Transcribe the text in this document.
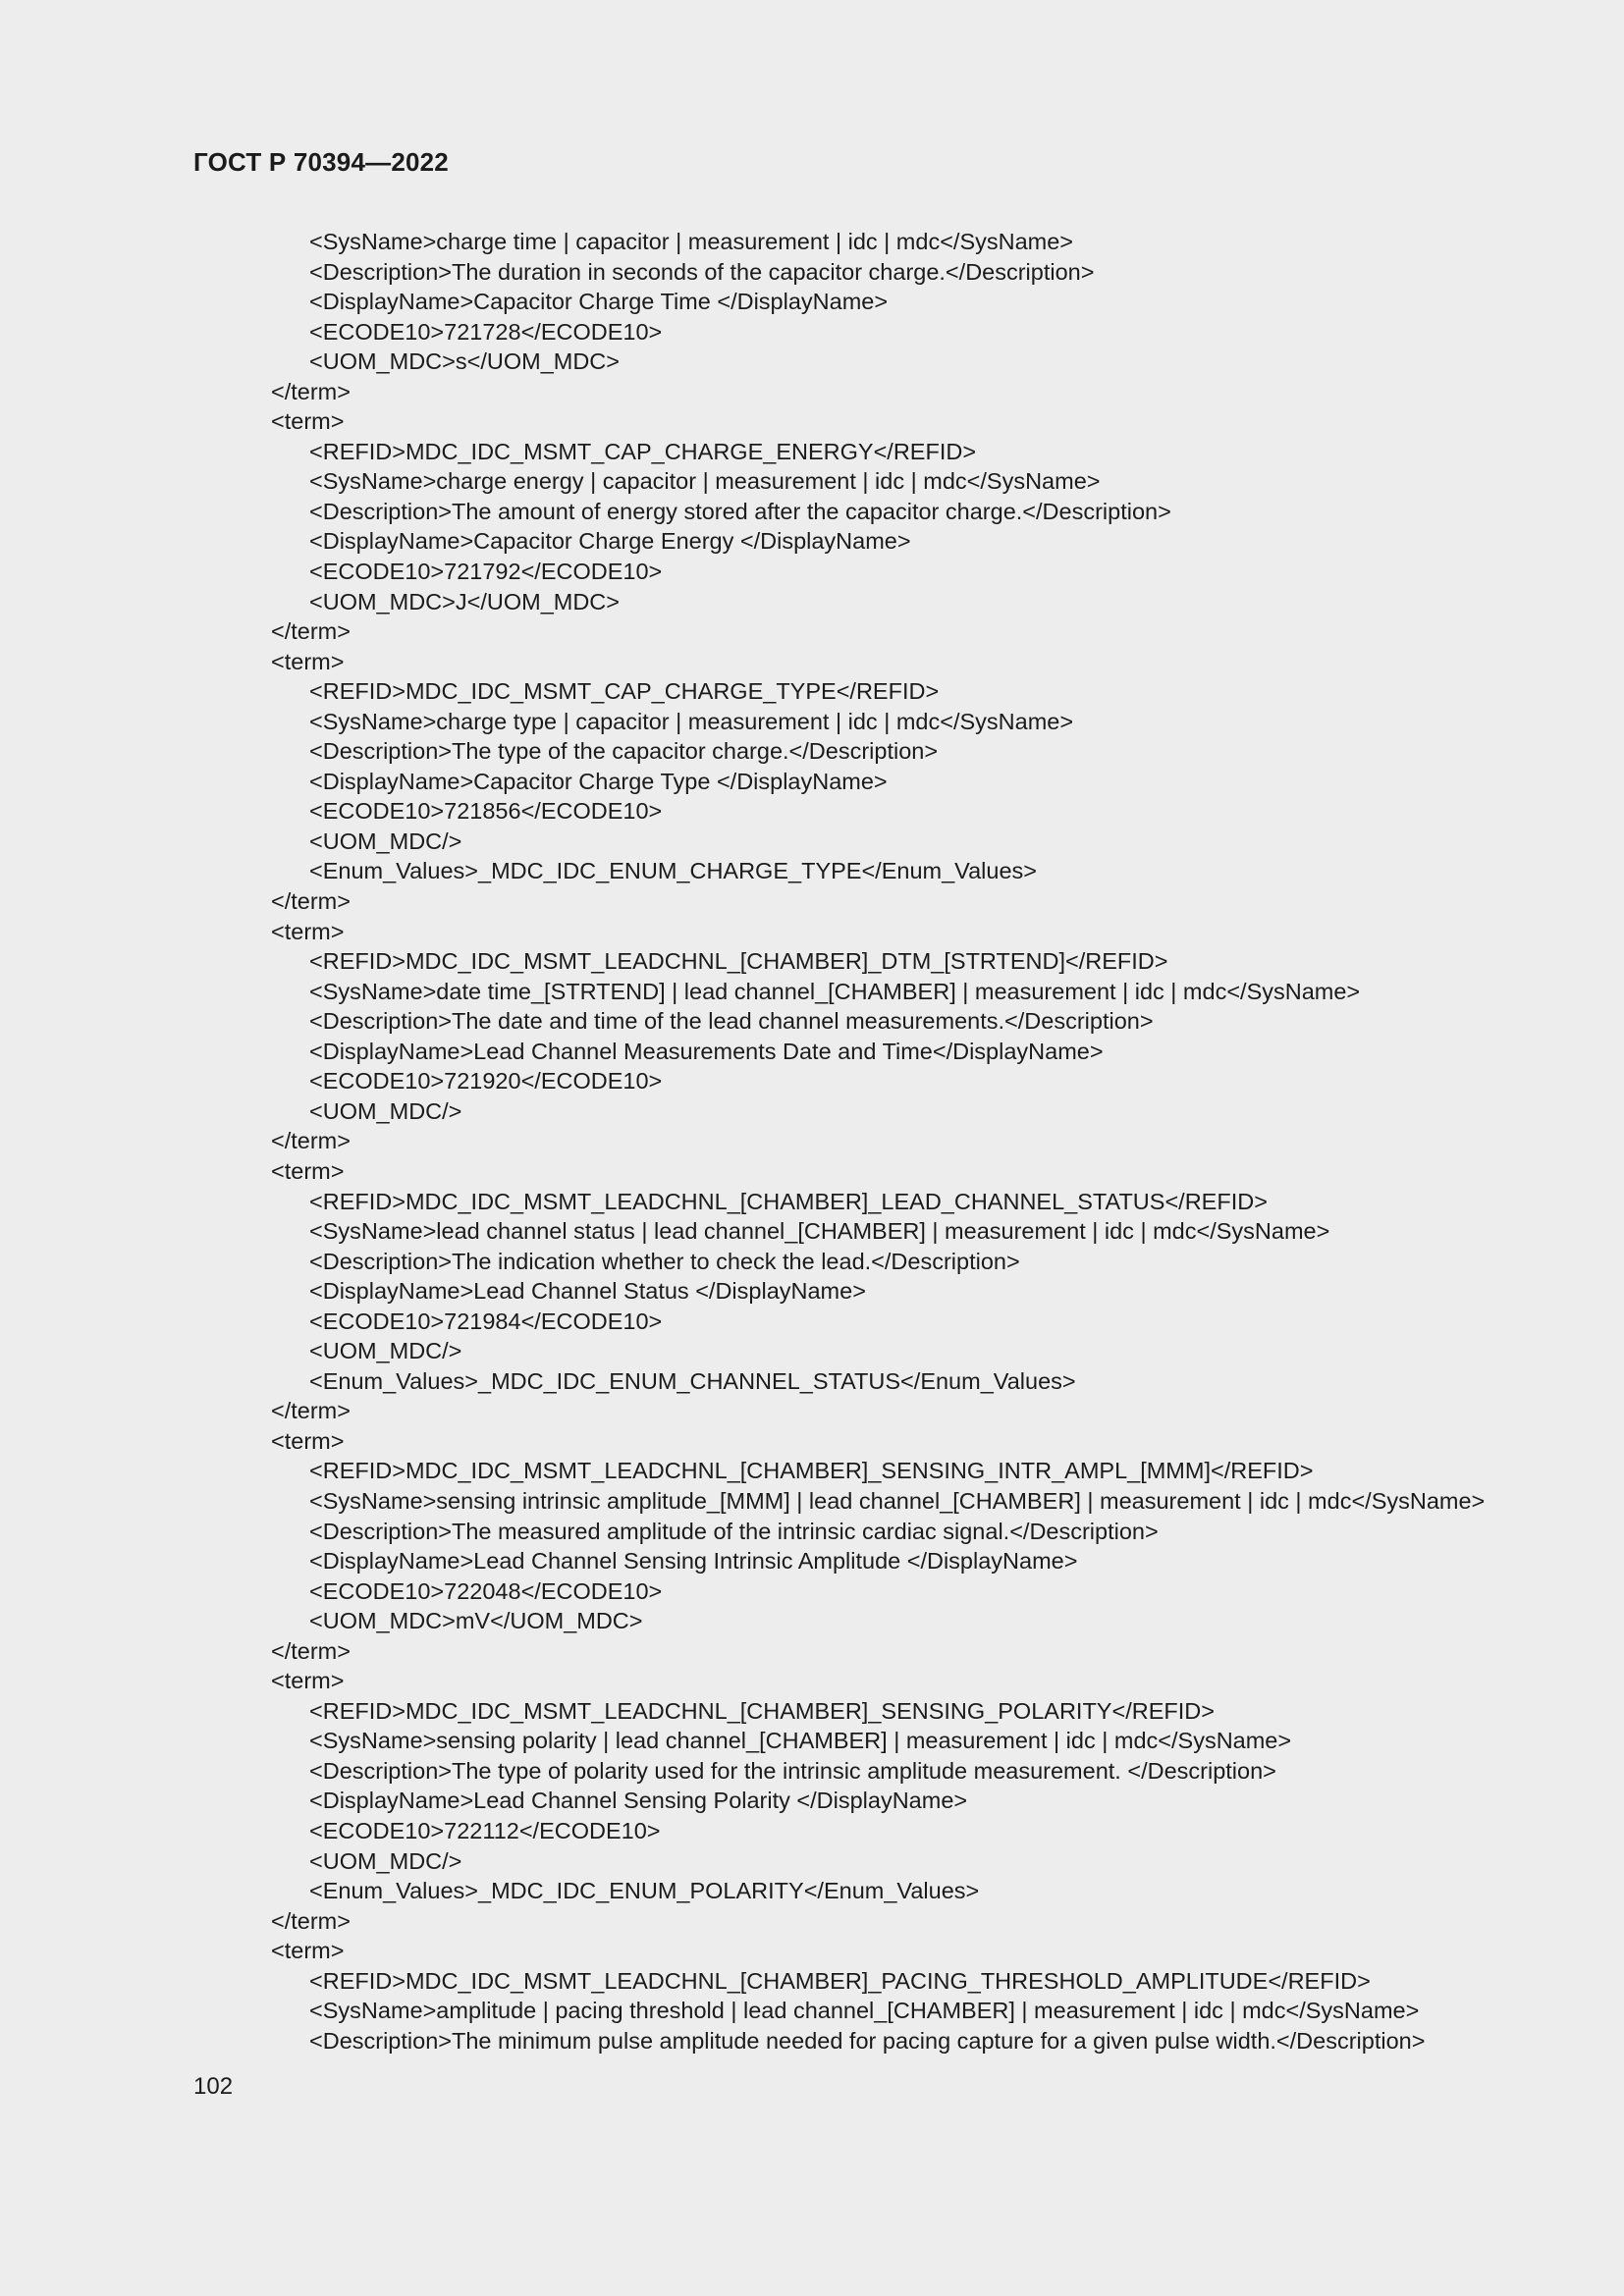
ГОСТ Р 70394—2022
<SysName>charge time | capacitor | measurement | idc | mdc</SysName>
<Description>The duration in seconds of the capacitor charge.</Description>
<DisplayName>Capacitor Charge Time </DisplayName>
<ECODE10>721728</ECODE10>
<UOM_MDC>s</UOM_MDC>
</term>
<term>
<REFID>MDC_IDC_MSMT_CAP_CHARGE_ENERGY</REFID>
<SysName>charge energy | capacitor | measurement | idc | mdc</SysName>
<Description>The amount of energy stored after the capacitor charge.</Description>
<DisplayName>Capacitor Charge Energy </DisplayName>
<ECODE10>721792</ECODE10>
<UOM_MDC>J</UOM_MDC>
</term>
<term>
<REFID>MDC_IDC_MSMT_CAP_CHARGE_TYPE</REFID>
<SysName>charge type | capacitor | measurement | idc | mdc</SysName>
<Description>The type of the capacitor charge.</Description>
<DisplayName>Capacitor Charge Type </DisplayName>
<ECODE10>721856</ECODE10>
<UOM_MDC/>
<Enum_Values>_MDC_IDC_ENUM_CHARGE_TYPE</Enum_Values>
</term>
<term>
<REFID>MDC_IDC_MSMT_LEADCHNL_[CHAMBER]_DTM_[STRTEND]</REFID>
<SysName>date time_[STRTEND] | lead channel_[CHAMBER] | measurement | idc | mdc</SysName>
<Description>The date and time of the lead channel measurements.</Description>
<DisplayName>Lead Channel Measurements Date and Time</DisplayName>
<ECODE10>721920</ECODE10>
<UOM_MDC/>
</term>
<term>
<REFID>MDC_IDC_MSMT_LEADCHNL_[CHAMBER]_LEAD_CHANNEL_STATUS</REFID>
<SysName>lead channel status | lead channel_[CHAMBER] | measurement | idc | mdc</SysName>
<Description>The indication whether to check the lead.</Description>
<DisplayName>Lead Channel Status </DisplayName>
<ECODE10>721984</ECODE10>
<UOM_MDC/>
<Enum_Values>_MDC_IDC_ENUM_CHANNEL_STATUS</Enum_Values>
</term>
<term>
<REFID>MDC_IDC_MSMT_LEADCHNL_[CHAMBER]_SENSING_INTR_AMPL_[MMM]</REFID>
<SysName>sensing intrinsic amplitude_[MMM] | lead channel_[CHAMBER] | measurement | idc | mdc</SysName>
<Description>The measured amplitude of the intrinsic cardiac signal.</Description>
<DisplayName>Lead Channel Sensing Intrinsic Amplitude </DisplayName>
<ECODE10>722048</ECODE10>
<UOM_MDC>mV</UOM_MDC>
</term>
<term>
<REFID>MDC_IDC_MSMT_LEADCHNL_[CHAMBER]_SENSING_POLARITY</REFID>
<SysName>sensing polarity | lead channel_[CHAMBER] | measurement | idc | mdc</SysName>
<Description>The type of polarity used for the intrinsic amplitude measurement. </Description>
<DisplayName>Lead Channel Sensing Polarity </DisplayName>
<ECODE10>722112</ECODE10>
<UOM_MDC/>
<Enum_Values>_MDC_IDC_ENUM_POLARITY</Enum_Values>
</term>
<term>
<REFID>MDC_IDC_MSMT_LEADCHNL_[CHAMBER]_PACING_THRESHOLD_AMPLITUDE</REFID>
<SysName>amplitude | pacing threshold | lead channel_[CHAMBER] | measurement | idc | mdc</SysName>
<Description>The minimum pulse amplitude needed for pacing capture for a given pulse width.</Description>
102
